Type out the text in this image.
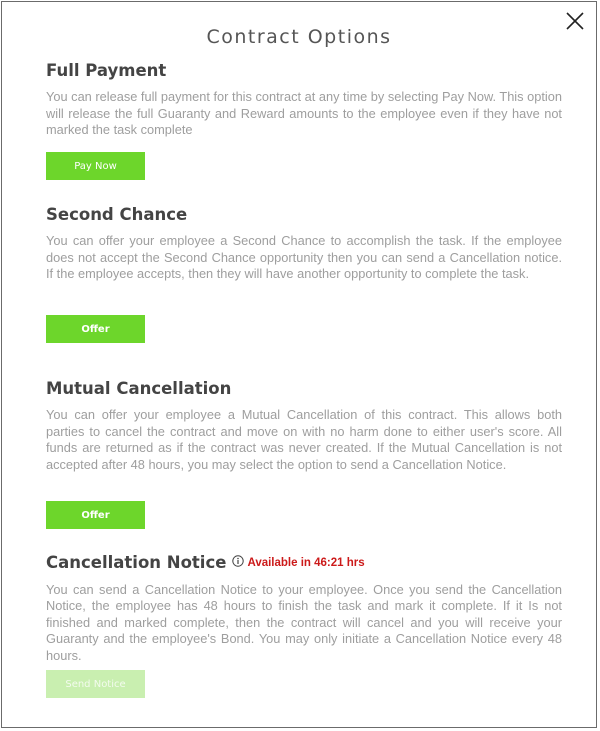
Contract Options
Full Payment
You can release full payment for this contract at any time by selecting Pay Now. This option will release the full Guaranty and Reward amounts to the employee even if they have not marked the task complete
Pay Now
Second Chance
You can offer your employee a Second Chance to accomplish the task. If the employee does not accept the Second Chance opportunity then you can send a Cancellation notice. If the employee accepts, then they will have another opportunity to complete the task.
Offer
Mutual Cancellation
You can offer your employee a Mutual Cancellation of this contract. This allows both parties to cancel the contract and move on with no harm done to either user's score. All funds are returned as if the contract was never created. If the Mutual Cancellation is not accepted after 48 hours, you may select the option to send a Cancellation Notice.
Offer
Cancellation Notice Available in 46:21 hrs
You can send a Cancellation Notice to your employee. Once you send the Cancellation Notice, the employee has 48 hours to finish the task and mark it complete. If it Is not finished and marked complete, then the contract will cancel and you will receive your Guaranty and the employee's Bond. You may only initiate a Cancellation Notice every 48 hours.
Send Notice
